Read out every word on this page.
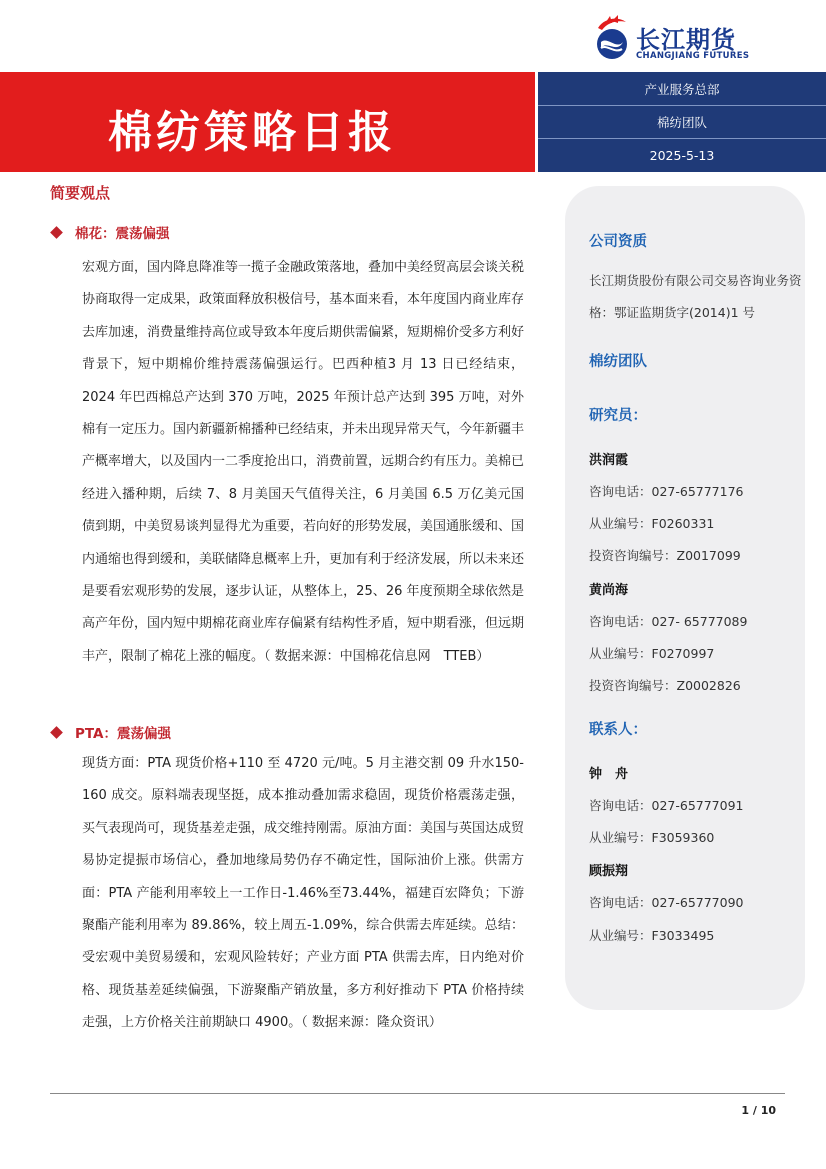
长江期货
CHANGJIANG FUTURES
棉纺策略日报
产业服务总部
棉纺团队
2025-5-13
简要观点
棉花：震荡偏强
宏观方面，国内降息降准等一揽子金融政策落地，叠加中美经贸高层会谈关税协商取得一定成果，政策面释放积极信号，基本面来看，本年度国内商业库存去库加速，消费量维持高位或导致本年度后期供需偏紧，短期棉价受多方利好背景下，短中期棉价维持震荡偏强运行。巴西种植3 月 13 日已经结束，2024 年巴西棉总产达到 370 万吨，2025 年预计总产达到 395 万吨，对外棉有一定压力。国内新疆新棉播种已经结束，并未出现异常天气，今年新疆丰产概率增大，以及国内一二季度抢出口，消费前置，远期合约有压力。美棉已经进入播种期，后续 7、8 月美国天气值得关注，6 月美国 6.5 万亿美元国债到期，中美贸易谈判显得尤为重要，若向好的形势发展，美国通胀缓和、国内通缩也得到缓和，美联储降息概率上升，更加有利于经济发展，所以未来还是要看宏观形势的发展，逐步认证，从整体上，25、26 年度预期全球依然是高产年份，国内短中期棉花商业库存偏紧有结构性矛盾，短中期看涨，但远期丰产，限制了棉花上涨的幅度。（ 数据来源：中国棉花信息网　TTEB）
PTA：震荡偏强
现货方面：PTA 现货价格+110 至 4720 元/吨。5 月主港交割 09 升水150-160 成交。原料端表现坚挺，成本推动叠加需求稳固，现货价格震荡走强，买气表现尚可，现货基差走强，成交维持刚需。原油方面：美国与英国达成贸易协定提振市场信心，叠加地缘局势仍存不确定性，国际油价上涨。供需方面：PTA 产能利用率较上一工作日-1.46%至73.44%，福建百宏降负；下游聚酯产能利用率为 89.86%，较上周五-1.09%，综合供需去库延续。总结：受宏观中美贸易缓和，宏观风险转好；产业方面 PTA 供需去库，日内绝对价格、现货基差延续偏强，下游聚酯产销放量，多方利好推动下 PTA 价格持续走强，上方价格关注前期缺口 4900。（ 数据来源：隆众资讯）
公司资质
长江期货股份有限公司交易咨询业务资格：鄂证监期货字(2014)1 号
棉纺团队
研究员：
洪润霞
咨询电话：027-65777176
从业编号：F0260331
投资咨询编号：Z0017099
黄尚海
咨询电话：027- 65777089
从业编号：F0270997
投资咨询编号：Z0002826
联系人：
钟　舟
咨询电话：027-65777091
从业编号：F3059360
顾振翔
咨询电话：027-65777090
从业编号：F3033495
1 / 10
